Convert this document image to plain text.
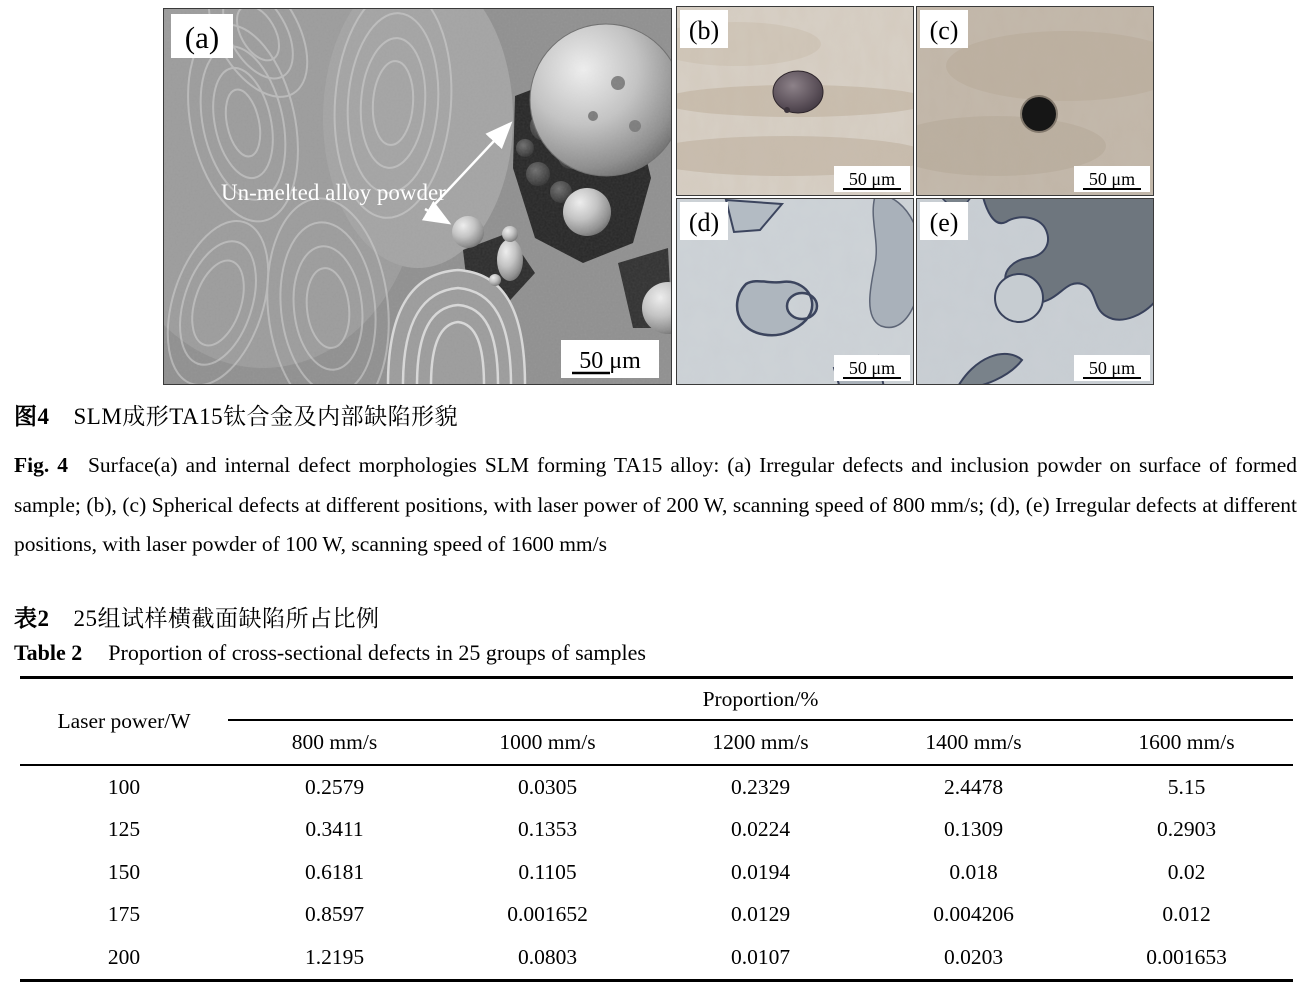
Un-melted alloy powder
50 μm
(a)
50 μm
(b)
50 μm
(c)
50 μm
(d)
50 μm
(e)
图4 SLM成形TA15钛合金及内部缺陷形貌
Fig. 4 Surface(a) and internal defect morphologies SLM forming TA15 alloy: (a) Irregular defects and inclusion powder on surface of formed sample; (b), (c) Spherical defects at different positions, with laser power of 200 W, scanning speed of 800 mm/s; (d), (e) Irregular defects at different positions, with laser powder of 100 W, scanning speed of 1600 mm/s
表2 25组试样横截面缺陷所占比例
Table 2 Proportion of cross-sectional defects in 25 groups of samples
Laser power/W	Proportion/%				
	800 mm/s	1000 mm/s	1200 mm/s	1400 mm/s	1600 mm/s
100	0.2579	0.0305	0.2329	2.4478	5.15
125	0.3411	0.1353	0.0224	0.1309	0.2903
150	0.6181	0.1105	0.0194	0.018	0.02
175	0.8597	0.001652	0.0129	0.004206	0.012
200	1.2195	0.0803	0.0107	0.0203	0.001653
